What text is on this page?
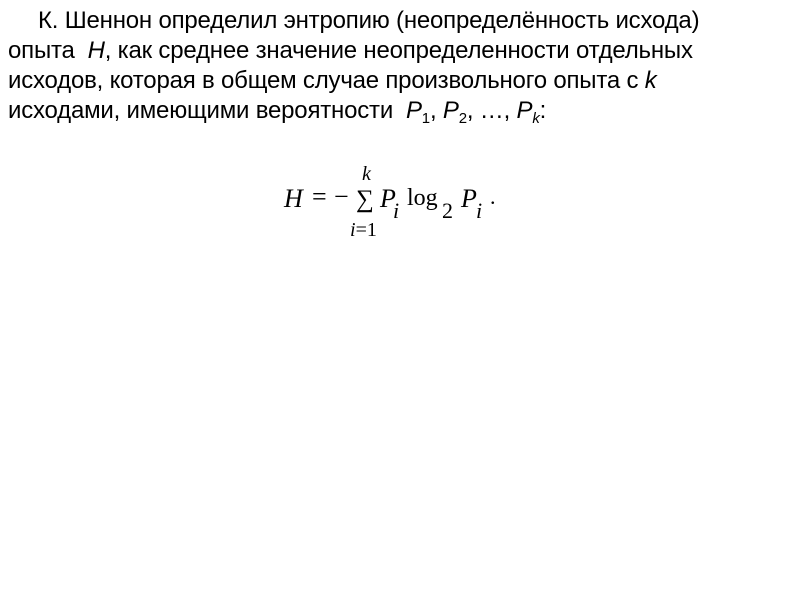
К. Шеннон определил энтропию (неопределённость исхода)
опыта H, как среднее значение неопределенности отдельных
исходов, которая в общем случае произвольного опыта с k
исходами, имеющими вероятности $P_1$, $P_2$, …, $P_k$:
H = −
k
∑
i=1
P
i log 2 P i
.
